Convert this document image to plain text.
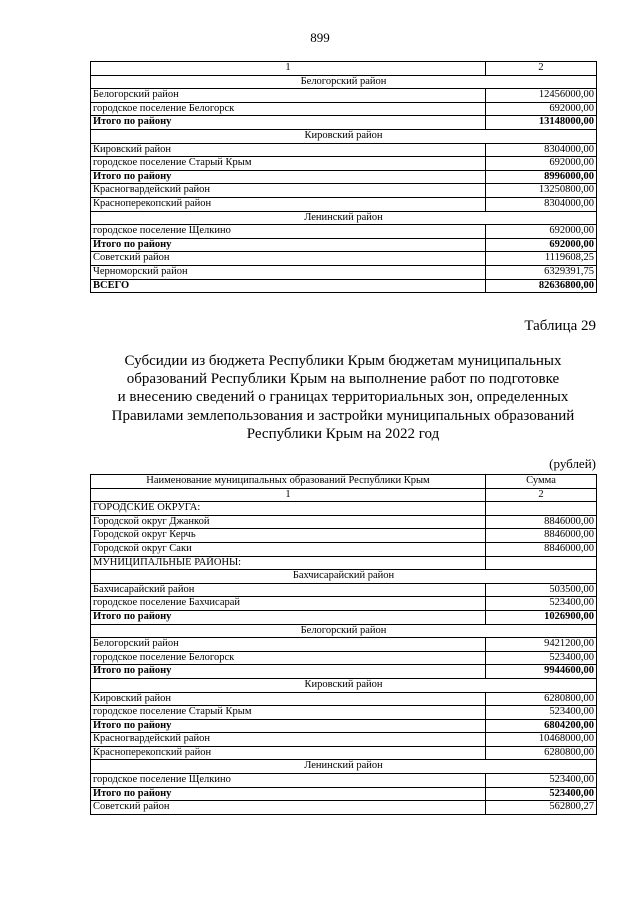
899
1	2
Белогорский район	
Белогорский район	12456000,00
городское поселение Белогорск	692000,00
Итого по району	13148000,00
Кировский район	
Кировский район	8304000,00
городское поселение Старый Крым	692000,00
Итого по району	8996000,00
Красногвардейский район	13250800,00
Красноперекопский район	8304000,00
Ленинский район	
городское поселение Щелкино	692000,00
Итого по району	692000,00
Советский район	1119608,25
Черноморский район	6329391,75
ВСЕГО	82636800,00
Таблица 29
Субсидии из бюджета Республики Крым бюджетам муниципальных
образований Республики Крым на выполнение работ по подготовке
и внесению сведений о границах территориальных зон, определенных
Правилами землепользования и застройки муниципальных образований
Республики Крым на 2022 год
(рублей)
Наименование муниципальных образований Республики Крым	Сумма
1	2
ГОРОДСКИЕ ОКРУГА:	
Городской округ Джанкой	8846000,00
Городской округ Керчь	8846000,00
Городской округ Саки	8846000,00
МУНИЦИПАЛЬНЫЕ РАЙОНЫ:	
Бахчисарайский район	
Бахчисарайский район	503500,00
городское поселение Бахчисарай	523400,00
Итого по району	1026900,00
Белогорский район	
Белогорский район	9421200,00
городское поселение Белогорск	523400,00
Итого по району	9944600,00
Кировский район	
Кировский район	6280800,00
городское поселение Старый Крым	523400,00
Итого по району	6804200,00
Красногвардейский район	10468000,00
Красноперекопский район	6280800,00
Ленинский район	
городское поселение Щелкино	523400,00
Итого по району	523400,00
Советский район	562800,27
